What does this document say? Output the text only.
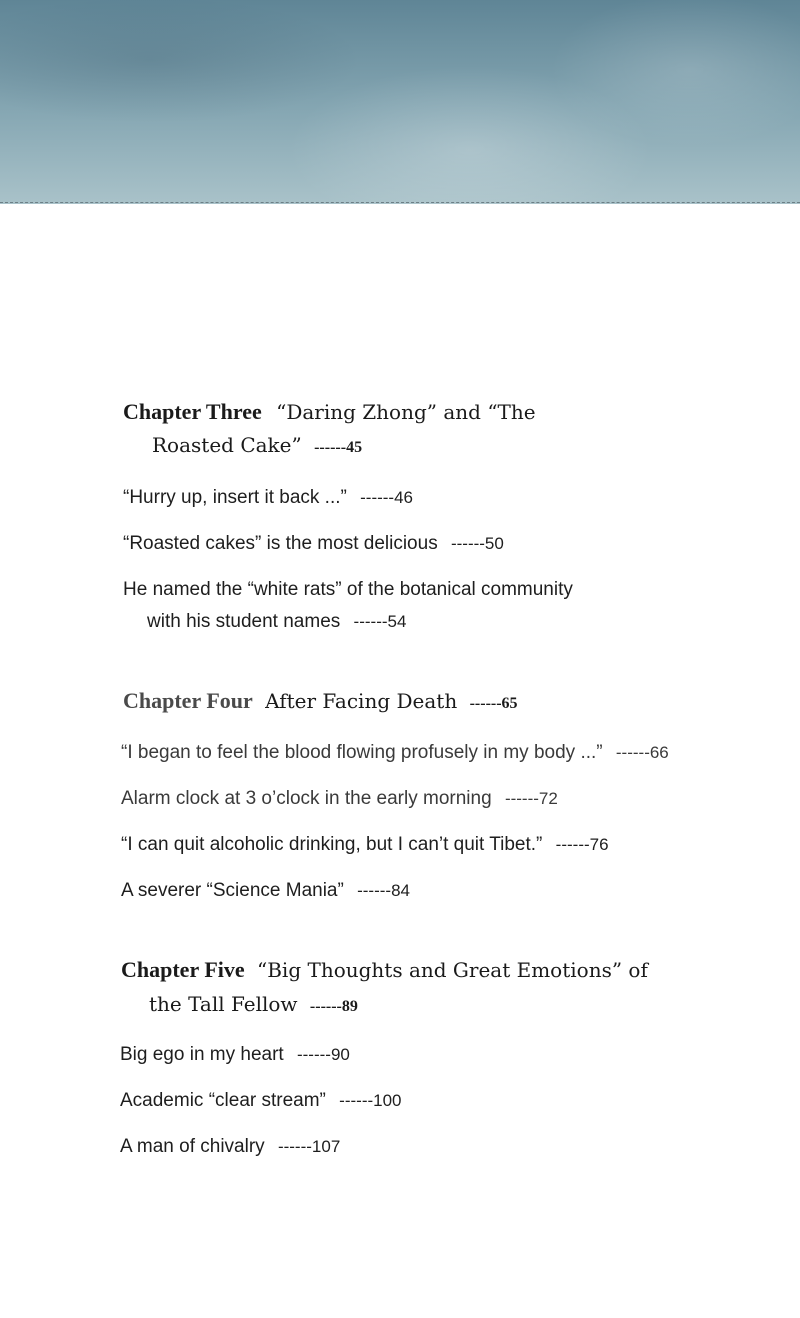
Chapter Three “Daring Zhong” and “The
Roasted Cake” ------45
“Hurry up, insert it back ...” ------46
“Roasted cakes” is the most delicious ------50
He named the “white rats” of the botanical community
with his student names ------54
Chapter Four After Facing Death ------65
“I began to feel the blood flowing profusely in my body ...” ------66
Alarm clock at 3 o’clock in the early morning ------72
“I can quit alcoholic drinking, but I can’t quit Tibet.” ------76
A severer “Science Mania” ------84
Chapter Five “Big Thoughts and Great Emotions” of
the Tall Fellow ------89
Big ego in my heart ------90
Academic “clear stream” ------100
A man of chivalry ------107
